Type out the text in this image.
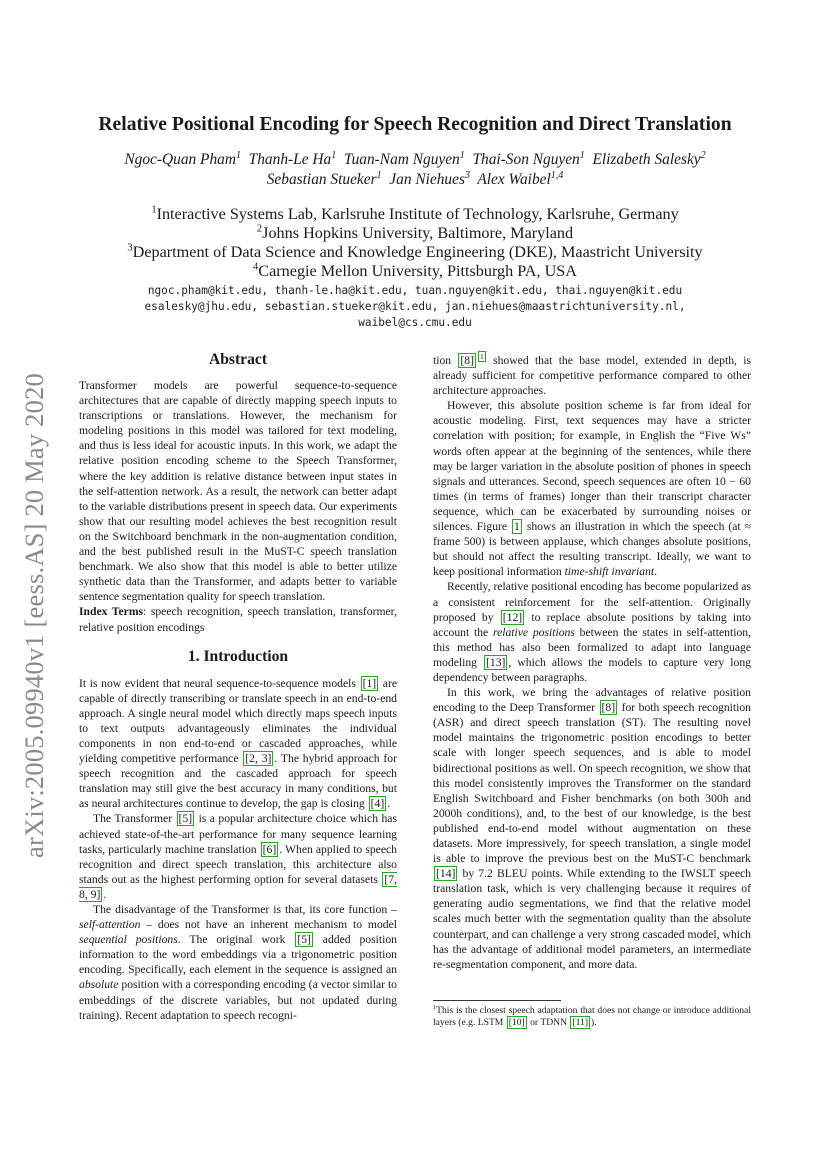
arXiv:2005.09940v1 [eess.AS] 20 May 2020
Relative Positional Encoding for Speech Recognition and Direct Translation
Ngoc-Quan Pham$^1$ Thanh-Le Ha$^1$ Tuan-Nam Nguyen$^1$ Thai-Son Nguyen$^1$ Elizabeth Salesky$^2$
Sebastian Stueker$^1$ Jan Niehues$^3$ Alex Waibel$^{1,4}$
$^1$Interactive Systems Lab, Karlsruhe Institute of Technology, Karlsruhe, Germany
$^2$Johns Hopkins University, Baltimore, Maryland
$^3$Department of Data Science and Knowledge Engineering (DKE), Maastricht University
$^4$Carnegie Mellon University, Pittsburgh PA, USA
ngoc.pham@kit.edu, thanh-le.ha@kit.edu, tuan.nguyen@kit.edu, thai.nguyen@kit.edu
esalesky@jhu.edu, sebastian.stueker@kit.edu, jan.niehues@maastrichtuniversity.nl,
waibel@cs.cmu.edu
Abstract

Transformer models are powerful sequence-to-sequence architectures that are capable of directly mapping speech inputs to transcriptions or translations. However, the mechanism for modeling positions in this model was tailored for text modeling, and thus is less ideal for acoustic inputs. In this work, we adapt the relative position encoding scheme to the Speech Transformer, where the key addition is relative distance between input states in the self-attention network. As a result, the network can better adapt to the variable distributions present in speech data. Our experiments show that our resulting model achieves the best recognition result on the Switchboard benchmark in the non-augmentation condition, and the best published result in the MuST-C speech translation benchmark. We also show that this model is able to better utilize synthetic data than the Transformer, and adapts better to variable sentence segmentation quality for speech translation.

Index Terms: speech recognition, speech translation, transformer, relative position encodings

1. Introduction

It is now evident that neural sequence-to-sequence models [1] are capable of directly transcribing or translate speech in an end-to-end approach. A single neural model which directly maps speech inputs to text outputs advantageously eliminates the individual components in non end-to-end or cascaded approaches, while yielding competitive performance [2, 3] . The hybrid approach for speech recognition and the cascaded approach for speech translation may still give the best accuracy in many conditions, but as neural architectures continue to develop, the gap is closing [4] .

The Transformer [5] is a popular architecture choice which has achieved state-of-the-art performance for many sequence learning tasks, particularly machine translation [6] . When applied to speech recognition and direct speech translation, this architecture also stands out as the highest performing option for several datasets [7, 8, 9] .

The disadvantage of the Transformer is that, its core function – self-attention – does not have an inherent mechanism to model sequential positions. The original work [5] added position information to the word embeddings via a trigonometric position encoding. Specifically, each element in the sequence is assigned an absolute position with a corresponding encoding (a vector similar to embeddings of the discrete variables, but not updated during training). Recent adaptation to speech recogni-

tion [8] $^1$ showed that the base model, extended in depth, is already sufficient for competitive performance compared to other architecture approaches.

However, this absolute position scheme is far from ideal for acoustic modeling. First, text sequences may have a stricter correlation with position; for example, in English the “Five Ws” words often appear at the beginning of the sentences, while there may be larger variation in the absolute position of phones in speech signals and utterances. Second, speech sequences are often 10 − 60 times (in terms of frames) longer than their transcript character sequence, which can be exacerbated by surrounding noises or silences. Figure 1 shows an illustration in which the speech (at ≈ frame 500) is between applause, which changes absolute positions, but should not affect the resulting transcript. Ideally, we want to keep positional information time-shift invariant.

Recently, relative positional encoding has become popularized as a consistent reinforcement for the self-attention. Originally proposed by [12] to replace absolute positions by taking into account the relative positions between the states in self-attention, this method has also been formalized to adapt into language modeling [13] , which allows the models to capture very long dependency between paragraphs.

In this work, we bring the advantages of relative position encoding to the Deep Transformer [8] for both speech recognition (ASR) and direct speech translation (ST). The resulting novel model maintains the trigonometric position encodings to better scale with longer speech sequences, and is able to model bidirectional positions as well. On speech recognition, we show that this model consistently improves the Transformer on the standard English Switchboard and Fisher benchmarks (on both 300h and 2000h conditions), and, to the best of our knowledge, is the best published end-to-end model without augmentation on these datasets. More impressively, for speech translation, a single model is able to improve the previous best on the MuST-C benchmark [14] by 7.2 BLEU points. While extending to the IWSLT speech translation task, which is very challenging because it requires of generating audio segmentations, we find that the relative model scales much better with the segmentation quality than the absolute counterpart, and can challenge a very strong cascaded model, which has the advantage of additional model parameters, an intermediate re-segmentation component, and more data.

$^1$This is the closest speech adaptation that does not change or introduce additional layers (e.g. LSTM [10] or TDNN [11] ).
